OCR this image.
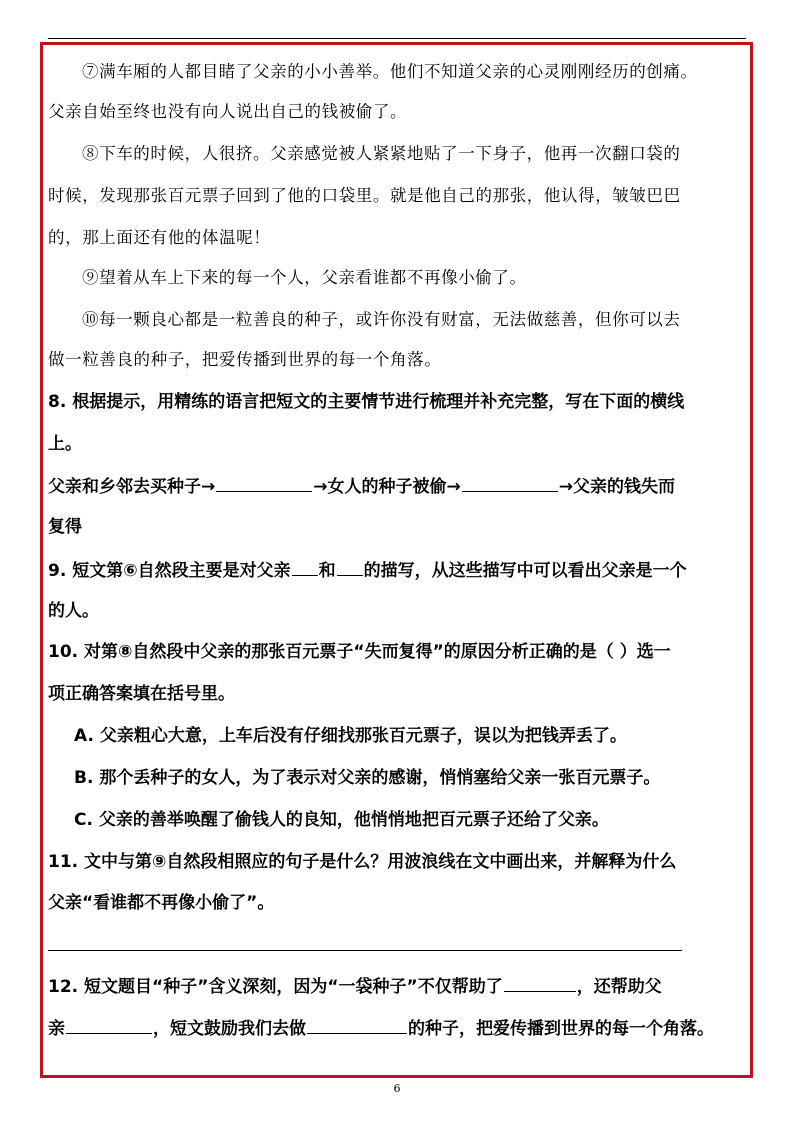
⑦满车厢的人都目睹了父亲的小小善举。他们不知道父亲的心灵刚刚经历的创痛。
父亲自始至终也没有向人说出自己的钱被偷了。
⑧下车的时候，人很挤。父亲感觉被人紧紧地贴了一下身子，他再一次翻口袋的
时候，发现那张百元票子回到了他的口袋里。就是他自己的那张，他认得，皱皱巴巴
的，那上面还有他的体温呢！
⑨望着从车上下来的每一个人，父亲看谁都不再像小偷了。
⑩每一颗良心都是一粒善良的种子，或许你没有财富，无法做慈善，但你可以去
做一粒善良的种子，把爱传播到世界的每一个角落。
8. 根据提示，用精练的语言把短文的主要情节进行梳理并补充完整，写在下面的横线
上。
父亲和乡邻去买种子→	→女人的种子被偷→	→父亲的钱失而
复得
9. 短文第⑥自然段主要是对父亲 和 的描写，从这些描写中可以看出父亲是一个
的人。
10. 对第⑧自然段中父亲的那张百元票子“失而复得”的原因分析正确的是（ ）选一
项正确答案填在括号里。
A. 父亲粗心大意，上车后没有仔细找那张百元票子，误以为把钱弄丢了。
B. 那个丢种子的女人，为了表示对父亲的感谢，悄悄塞给父亲一张百元票子。
C. 父亲的善举唤醒了偷钱人的良知，他悄悄地把百元票子还给了父亲。
11. 文中与第⑨自然段相照应的句子是什么？用波浪线在文中画出来，并解释为什么
父亲“看谁都不再像小偷了”。
12. 短文题目“种子”含义深刻，因为“一袋种子”不仅帮助了	，还帮助父
亲	，短文鼓励我们去做	的种子，把爱传播到世界的每一个角落。
6
